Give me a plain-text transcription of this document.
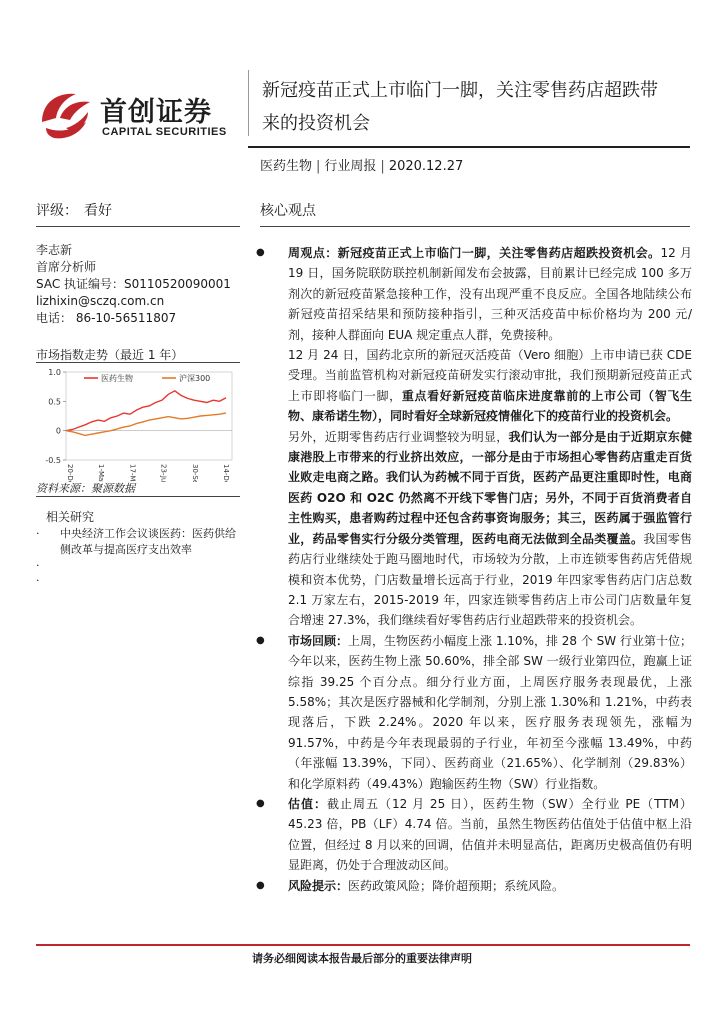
首创证券
CAPITAL SECURITIES
新冠疫苗正式上市临门一脚，关注零售药店超跌带
来的投资机会
医药生物 | 行业周报 | 2020.12.27
评级： 看好
李志新
首席分析师
SAC 执证编号：S0110520090001
lizhixin@sczq.com.cn
电话： 86-10-56511807
市场指数走势（最近 1 年）
1.0
0.5
0
-0.5
20-Dec	1-Mar	17-May	23-Jul	30-Sep	14-Dec
医药生物	沪深300
资料来源：聚源数据
相关研究
· 中央经济工作会议谈医药：医药供给侧改革与提高医疗支出效率
·
·
核心观点

● 周观点：新冠疫苗正式上市临门一脚，关注零售药店超跌投资机会。12 月 19 日，国务院联防联控机制新闻发布会披露，目前累计已经完成 100 多万剂次的新冠疫苗紧急接种工作，没有出现严重不良反应。全国各地陆续公布新冠疫苗招采结果和预防接种指引，三种灭活疫苗中标价格均为 200 元/剂，接种人群面向 EUA 规定重点人群，免费接种。

12 月 24 日，国药北京所的新冠灭活疫苗（Vero 细胞）上市申请已获 CDE 受理。当前监管机构对新冠疫苗研发实行滚动审批，我们预期新冠疫苗正式上市即将临门一脚，重点看好新冠疫苗临床进度靠前的上市公司（智飞生物、康希诺生物），同时看好全球新冠疫情催化下的疫苗行业的投资机会。

另外，近期零售药店行业调整较为明显，我们认为一部分是由于近期京东健康港股上市带来的行业挤出效应，一部分是由于市场担心零售药店重走百货业败走电商之路。我们认为药械不同于百货，医药产品更注重即时性，电商医药 O2O 和 O2C 仍然离不开线下零售门店；另外，不同于百货消费者自主性购买，患者购药过程中还包含药事资询服务；其三，医药属于强监管行业，药品零售实行分级分类管理，医药电商无法做到全品类覆盖。我国零售药店行业继续处于跑马圈地时代，市场较为分散，上市连锁零售药店凭借规模和资本优势，门店数量增长远高于行业，2019 年四家零售药店门店总数 2.1 万家左右，2015-2019 年，四家连锁零售药店上市公司门店数量年复合增速 27.3%，我们继续看好零售药店行业超跌带来的投资机会。

● 市场回顾：上周，生物医药小幅度上涨 1.10%，排 28 个 SW 行业第十位；今年以来，医药生物上涨 50.60%，排全部 SW 一级行业第四位，跑赢上证综指 39.25 个百分点。细分行业方面，上周医疗服务表现最优，上涨 5.58%；其次是医疗器械和化学制剂，分别上涨 1.30%和 1.21%，中药表现落后，下跌 2.24%。2020 年以来，医疗服务表现领先，涨幅为 91.57%，中药是今年表现最弱的子行业，年初至今涨幅 13.49%，中药（年涨幅 13.39%，下同）、医药商业（21.65%）、化学制剂（29.83%）和化学原料药（49.43%）跑输医药生物（SW）行业指数。

● 估值：截止周五（12 月 25 日），医药生物（SW）全行业 PE（TTM）45.23 倍，PB（LF）4.74 倍。当前，虽然生物医药估值处于估值中枢上沿位置，但经过 8 月以来的回调，估值并未明显高估，距离历史极高值仍有明显距离，仍处于合理波动区间。

● 风险提示：医药政策风险；降价超预期；系统风险。

请务必细阅读本报告最后部分的重要法律声明
